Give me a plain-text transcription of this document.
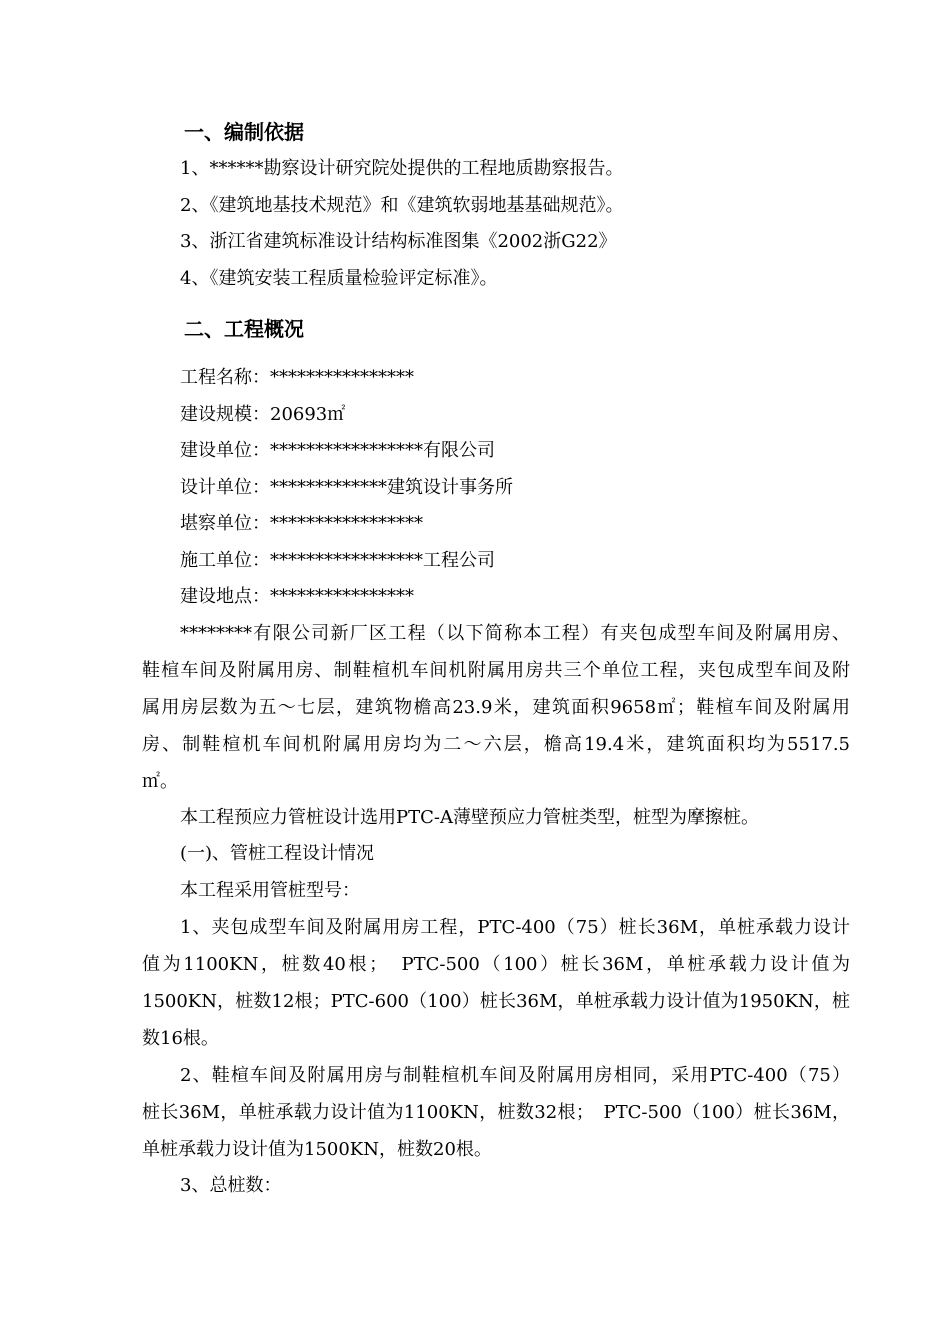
一、编制依据
1、******勘察设计研究院处提供的工程地质勘察报告。
2、《建筑地基技术规范》和《建筑软弱地基基础规范》。
3、浙江省建筑标准设计结构标准图集《2002浙G22》
4、《建筑安装工程质量检验评定标准》。
二、工程概况
工程名称：****************
建设规模：20693㎡
建设单位：*****************有限公司
设计单位：*************建筑设计事务所
堪察单位：*****************
施工单位：*****************工程公司
建设地点：****************
********有限公司新厂区工程（以下简称本工程）有夹包成型车间及附属用房、
鞋楦车间及附属用房、制鞋楦机车间机附属用房共三个单位工程，夹包成型车间及附
属用房层数为五～七层，建筑物檐高23.9米，建筑面积9658㎡；鞋楦车间及附属用
房、制鞋楦机车间机附属用房均为二～六层，檐高19.4米，建筑面积均为5517.5
㎡。
本工程预应力管桩设计选用PTC-A薄壁预应力管桩类型，桩型为摩擦桩。
(一)、管桩工程设计情况
本工程采用管桩型号：
1、夹包成型车间及附属用房工程，PTC-400（75）桩长36M，单桩承载力设计
值为1100KN，桩数40根；　PTC-500（100）桩长36M，单桩承载力设计值为
1500KN，桩数12根；PTC-600（100）桩长36M，单桩承载力设计值为1950KN，桩
数16根。
2、鞋楦车间及附属用房与制鞋楦机车间及附属用房相同，采用PTC-400（75）
桩长36M，单桩承载力设计值为1100KN，桩数32根；　PTC-500（100）桩长36M，
单桩承载力设计值为1500KN，桩数20根。
3、总桩数：
